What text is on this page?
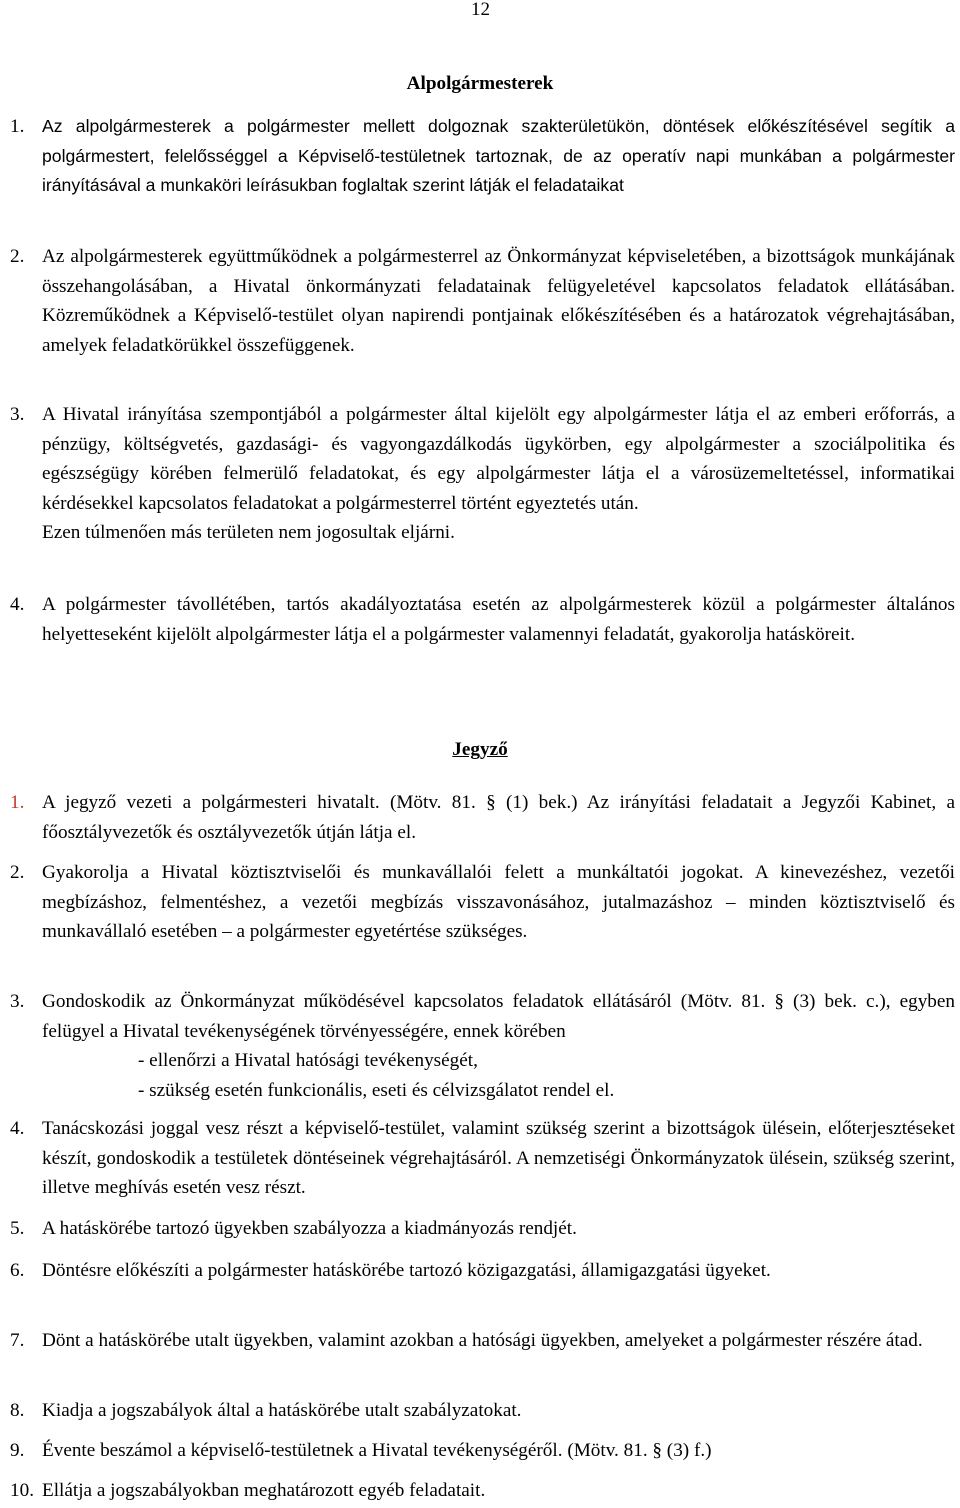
12
Alpolgármesterek
1. Az alpolgármesterek a polgármester mellett dolgoznak szakterületükön, döntések előkészítésével segítik a polgármestert, felelősséggel a Képviselő-testületnek tartoznak, de az operatív napi munkában a polgármester irányításával a munkaköri leírásukban foglaltak szerint látják el feladataikat
2. Az alpolgármesterek együttműködnek a polgármesterrel az Önkormányzat képviseletében, a bizottságok munkájának összehangolásában, a Hivatal önkormányzati feladatainak felügyeletével kapcsolatos feladatok ellátásában. Közreműködnek a Képviselő-testület olyan napirendi pontjainak előkészítésében és a határozatok végrehajtásában, amelyek feladatkörükkel összefüggenek.
3. A Hivatal irányítása szempontjából a polgármester által kijelölt egy alpolgármester látja el az emberi erőforrás, a pénzügy, költségvetés, gazdasági- és vagyongazdálkodás ügykörben, egy alpolgármester a szociálpolitika és egészségügy körében felmerülő feladatokat, és egy alpolgármester látja el a városüzemeltetéssel, informatikai kérdésekkel kapcsolatos feladatokat a polgármesterrel történt egyeztetés után.
Ezen túlmenően más területen nem jogosultak eljárni.
4. A polgármester távollétében, tartós akadályoztatása esetén az alpolgármesterek közül a polgármester általános helyetteseként kijelölt alpolgármester látja el a polgármester valamennyi feladatát, gyakorolja hatásköreit.
Jegyző
1. A jegyző vezeti a polgármesteri hivatalt. (Mötv. 81. § (1) bek.) Az irányítási feladatait a Jegyzői Kabinet, a főosztályvezetők és osztályvezetők útján látja el.
2. Gyakorolja a Hivatal köztisztviselői és munkavállalói felett a munkáltatói jogokat. A kinevezéshez, vezetői megbízáshoz, felmentéshez, a vezetői megbízás visszavonásához, jutalmazáshoz – minden köztisztviselő és munkavállaló esetében – a polgármester egyetértése szükséges.
3. Gondoskodik az Önkormányzat működésével kapcsolatos feladatok ellátásáról (Mötv. 81. § (3) bek. c.), egyben felügyel a Hivatal tevékenységének törvényességére, ennek körében
- ellenőrzi a Hivatal hatósági tevékenységét,
- szükség esetén funkcionális, eseti és célvizsgálatot rendel el.
4. Tanácskozási joggal vesz részt a képviselő-testület, valamint szükség szerint a bizottságok ülésein, előterjesztéseket készít, gondoskodik a testületek döntéseinek végrehajtásáról. A nemzetiségi Önkormányzatok ülésein, szükség szerint, illetve meghívás esetén vesz részt.
5. A hatáskörébe tartozó ügyekben szabályozza a kiadmányozás rendjét.
6. Döntésre előkészíti a polgármester hatáskörébe tartozó közigazgatási, államigazgatási ügyeket.
7. Dönt a hatáskörébe utalt ügyekben, valamint azokban a hatósági ügyekben, amelyeket a polgármester részére átad.
8. Kiadja a jogszabályok által a hatáskörébe utalt szabályzatokat.
9. Évente beszámol a képviselő-testületnek a Hivatal tevékenységéről. (Mötv. 81. § (3) f.)
10. Ellátja a jogszabályokban meghatározott egyéb feladatait.
